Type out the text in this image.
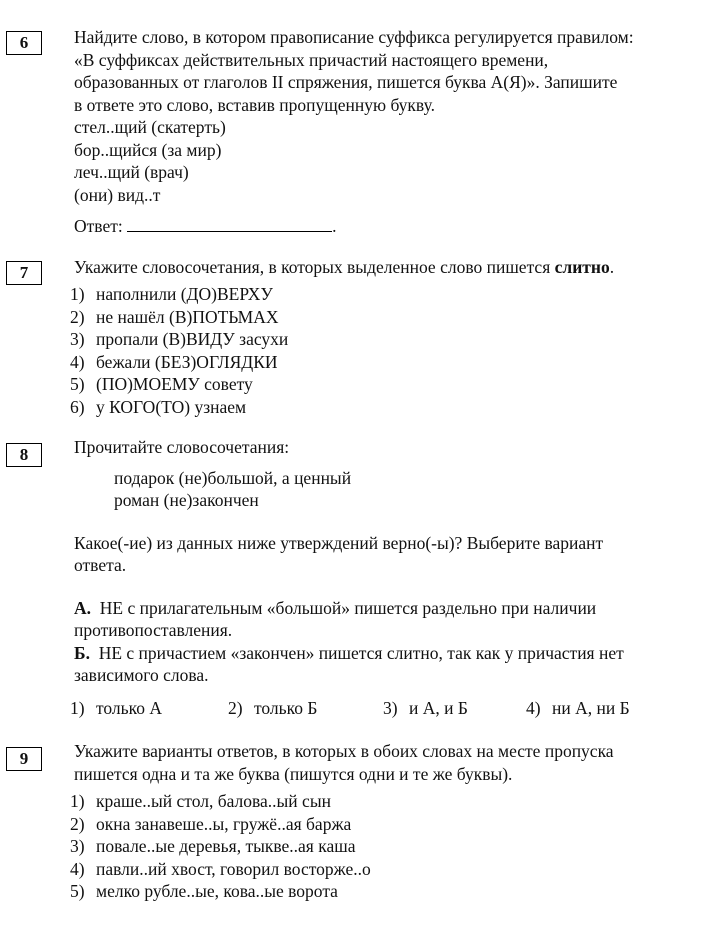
6	Найдите слово, в котором правописание суффикса регулируется правилом:
«В суффиксах действительных причастий настоящего времени,
образованных от глаголов II спряжения, пишется буква А(Я)». Запишите
в ответе это слово, вставив пропущенную букву.
стел..щий (скатерть)
бор..щийся (за мир)
леч..щий (врач)
(они) вид..т
Ответ:	.
7	Укажите словосочетания, в которых выделенное слово пишется слитно.
1) наполнили (ДО)ВЕРХУ
2) не нашёл (В)ПОТЬМАХ
3) пропали (В)ВИДУ засухи
4) бежали (БЕЗ)ОГЛЯДКИ
5) (ПО)МОЕМУ совету
6) у КОГО(ТО) узнаем
8	Прочитайте словосочетания:
подарок (не)большой, а ценный
роман (не)закончен
Какое(-ие) из данных ниже утверждений верно(-ы)? Выберите вариант
ответа.
А. НЕ с прилагательным «большой» пишется раздельно при наличии
противопоставления.
Б. НЕ с причастием «закончен» пишется слитно, так как у причастия нет
зависимого слова.
1) только А	2) только Б	3) и А, и Б	4) ни А, ни Б
9	Укажите варианты ответов, в которых в обоих словах на месте пропуска
пишется одна и та же буква (пишутся одни и те же буквы).
1) краше..ый стол, балова..ый сын
2) окна занавеше..ы, гружё..ая баржа
3) повале..ые деревья, тыкве..ая каша
4) павли..ий хвост, говорил восторже..о
5) мелко рубле..ые, кова..ые ворота
